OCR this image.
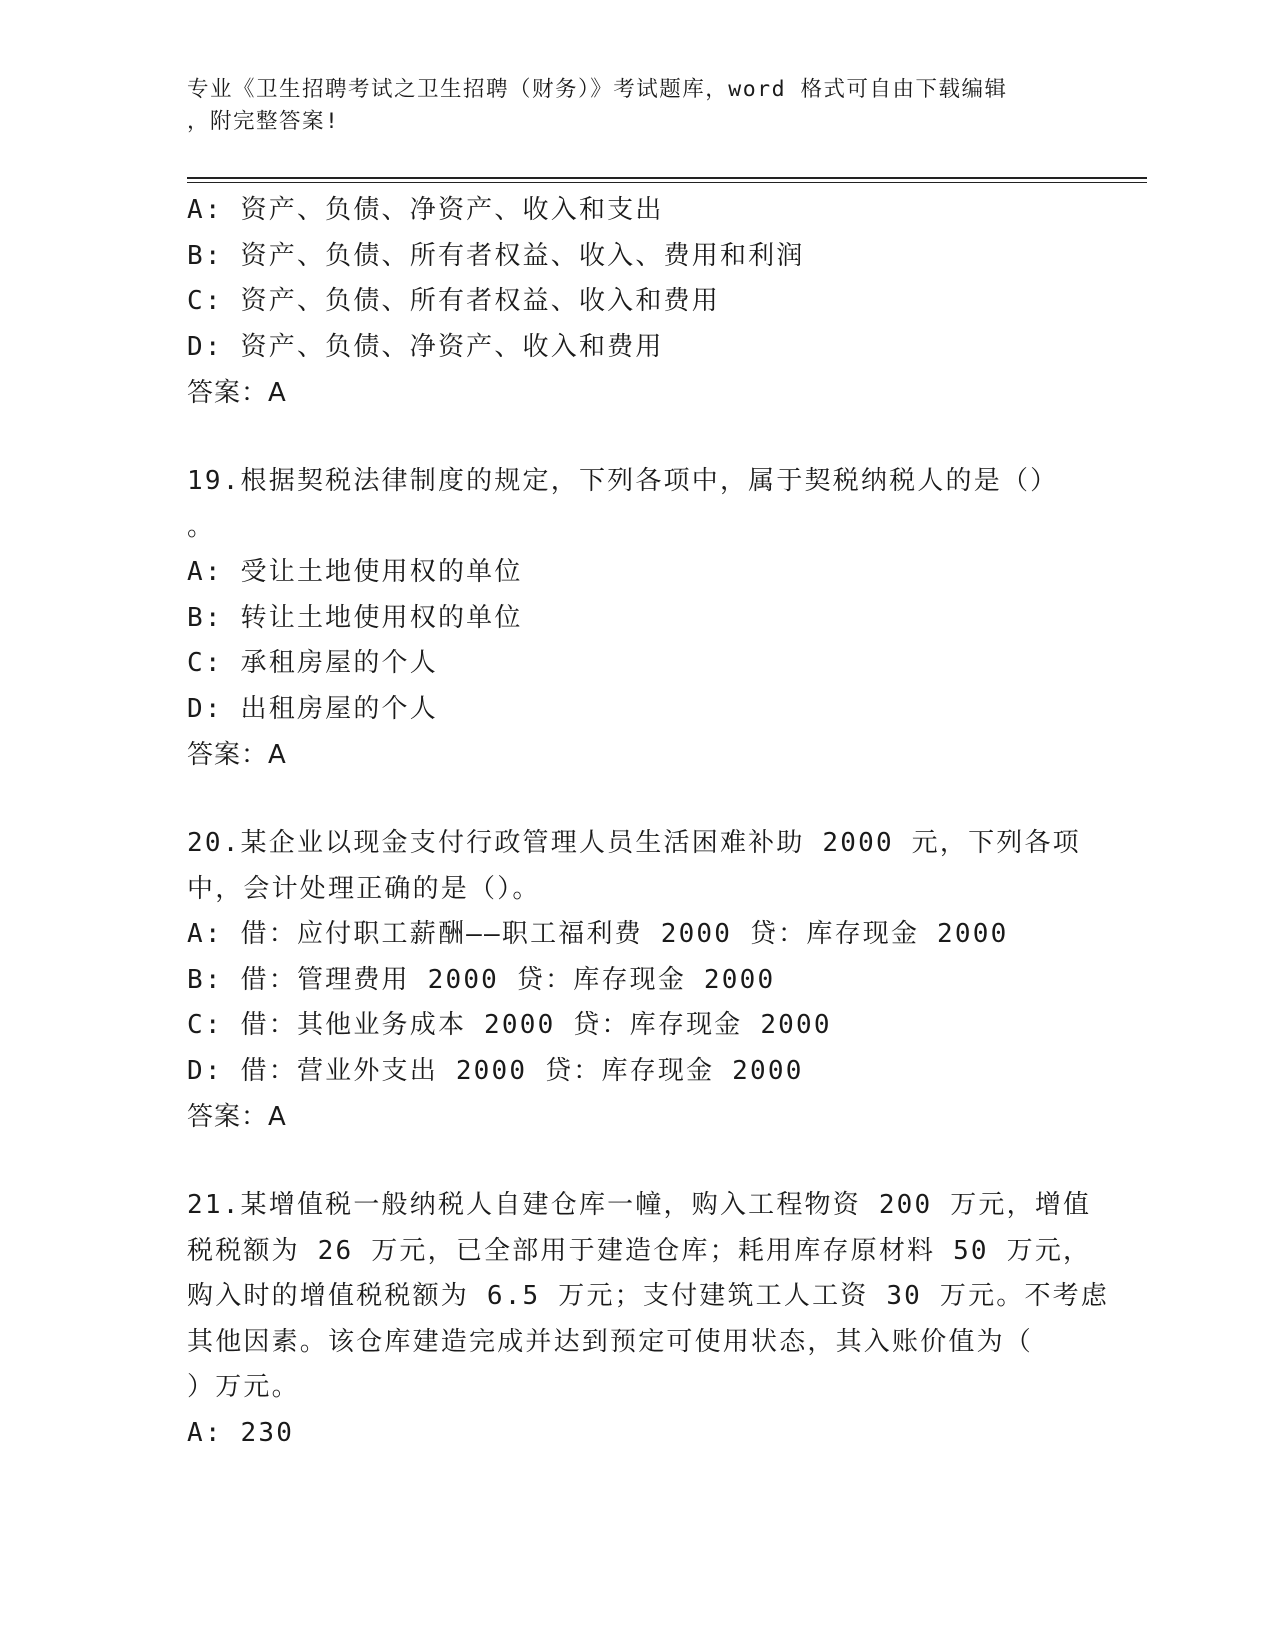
专业《卫生招聘考试之卫生招聘（财务）》考试题库，word 格式可自由下载编辑
，附完整答案!
A: 资产、负债、净资产、收入和支出
B: 资产、负债、所有者权益、收入、费用和利润
C: 资产、负债、所有者权益、收入和费用
D: 资产、负债、净资产、收入和费用
答案：A
19.根据契税法律制度的规定，下列各项中，属于契税纳税人的是（）
。
A: 受让土地使用权的单位
B: 转让土地使用权的单位
C: 承租房屋的个人
D: 出租房屋的个人
答案：A
20.某企业以现金支付行政管理人员生活困难补助 2000 元，下列各项
中，会计处理正确的是（）。
A: 借：应付职工薪酬——职工福利费 2000 贷：库存现金 2000
B: 借：管理费用 2000 贷：库存现金 2000
C: 借：其他业务成本 2000 贷：库存现金 2000
D: 借：营业外支出 2000 贷：库存现金 2000
答案：A
21.某增值税一般纳税人自建仓库一幢，购入工程物资 200 万元，增值
税税额为 26 万元，已全部用于建造仓库；耗用库存原材料 50 万元，
购入时的增值税税额为 6.5 万元；支付建筑工人工资 30 万元。不考虑
其他因素。该仓库建造完成并达到预定可使用状态，其入账价值为（
）万元。
A: 230
